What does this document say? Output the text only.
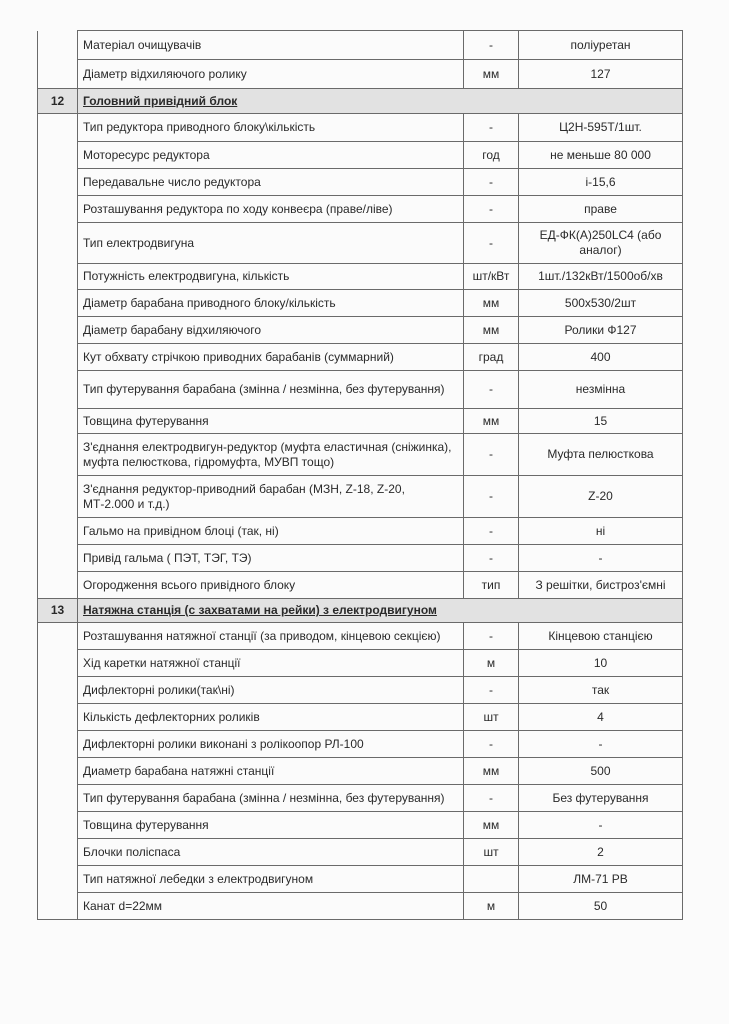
	Матеріал очищувачів	-	поліуретан
	Діаметр відхиляючого ролику	мм	127
12	Головний привідний блок		
	Тип редуктора приводного блоку\кількість	-	Ц2Н-595Т/1шт.
	Моторесурс редуктора	год	не меньше 80 000
	Передавальне число редуктора	-	і-15,6
	Розташування редуктора по ходу конвеєра (праве/ліве)	-	праве
	Тип електродвигуна	-	ЕД-ФК(А)250LC4 (або аналог)
	Потужність електродвигуна, кількість	шт/кВт	1шт./132кВт/1500об/хв
	Діаметр барабана приводного блоку/кількість	мм	500х530/2шт
	Діаметр барабану відхиляючого	мм	Ролики Ф127
	Кут обхвату стрічкою приводних барабанів (суммарний)	град	400
	Тип футерування барабана (змінна / незмінна, без футерування)	-	незмінна
	Товщина футерування	мм	15
	З'єднання електродвигун-редуктор (муфта еластичная (сніжинка), муфта пелюсткова, гідромуфта, МУВП тощо)	-	Муфта пелюсткова
	З'єднання редуктор-приводний барабан (МЗН, Z-18, Z-20, МТ-2.000 и т.д.)	-	Z-20
	Гальмо на привідном блоці (так, ні)	-	ні
	Привід гальма ( ПЭТ, ТЭГ, ТЭ)	-	-
	Огородження всього привідного блоку	тип	З решітки, бистроз'ємні
13	Натяжна станція (с захватами на рейки) з електродвигуном		
	Розташування натяжної станції (за приводом, кінцевою секцією)	-	Кінцевою станцією
	Хід каретки натяжної станції	м	10
	Дифлекторні ролики(так\ні)	-	так
	Кількість дефлекторних роликів	шт	4
	Дифлекторні ролики виконані з ролікоопор РЛ-100	-	-
	Диаметр барабана натяжні станції	мм	500
	Тип футерування барабана (змінна / незмінна, без футерування)	-	Без футерування
	Товщина футерування	мм	-
	Блочки поліспаса	шт	2
	Тип натяжної лебедки з електродвигуном		ЛМ-71 РВ
	Канат d=22мм	м	50
